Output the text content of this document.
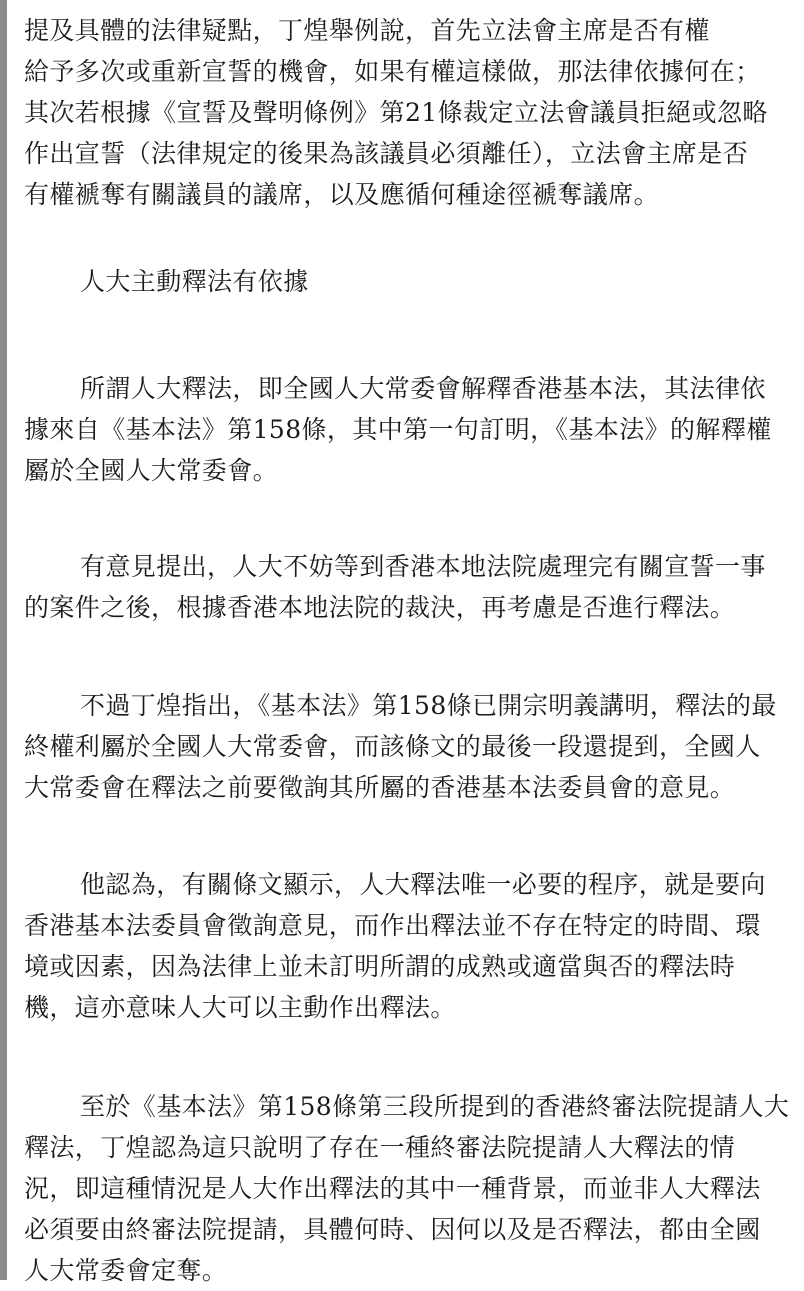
提及具體的法律疑點，丁煌舉例說，首先立法會主席是否有權
給予多次或重新宣誓的機會，如果有權這樣做，那法律依據何在；
其次若根據《宣誓及聲明條例》第21條裁定立法會議員拒絕或忽略
作出宣誓（法律規定的後果為該議員必須離任），立法會主席是否
有權褫奪有關議員的議席，以及應循何種途徑褫奪議席。
人大主動釋法有依據
所謂人大釋法，即全國人大常委會解釋香港基本法，其法律依
據來自《基本法》第158條，其中第一句訂明，《基本法》的解釋權
屬於全國人大常委會。
有意見提出，人大不妨等到香港本地法院處理完有關宣誓一事
的案件之後，根據香港本地法院的裁決，再考慮是否進行釋法。
不過丁煌指出，《基本法》第158條已開宗明義講明，釋法的最
終權利屬於全國人大常委會，而該條文的最後一段還提到，全國人
大常委會在釋法之前要徵詢其所屬的香港基本法委員會的意見。
他認為，有關條文顯示，人大釋法唯一必要的程序，就是要向
香港基本法委員會徵詢意見，而作出釋法並不存在特定的時間、環
境或因素，因為法律上並未訂明所謂的成熟或適當與否的釋法時
機，這亦意味人大可以主動作出釋法。
至於《基本法》第158條第三段所提到的香港終審法院提請人大
釋法，丁煌認為這只說明了存在一種終審法院提請人大釋法的情
況，即這種情況是人大作出釋法的其中一種背景，而並非人大釋法
必須要由終審法院提請，具體何時、因何以及是否釋法，都由全國
人大常委會定奪。
